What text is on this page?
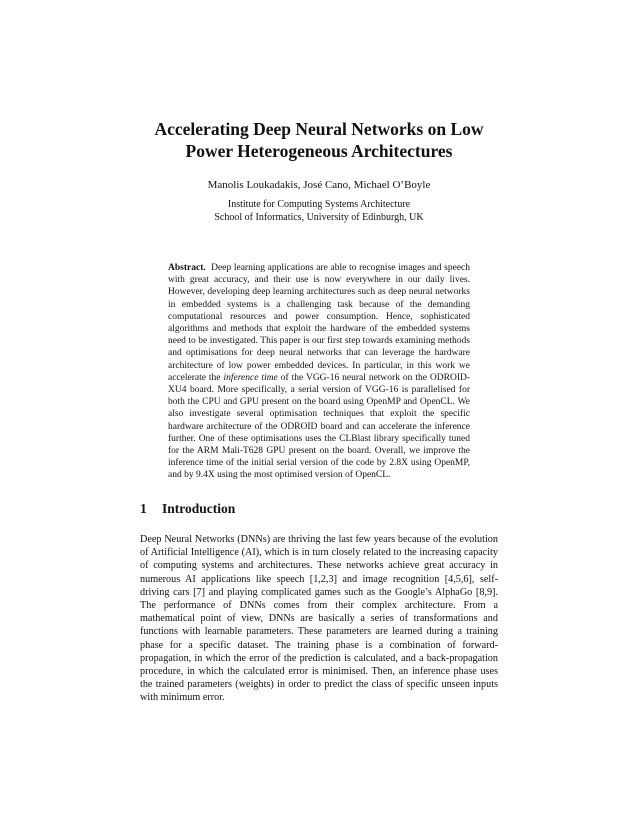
Accelerating Deep Neural Networks on Low Power Heterogeneous Architectures
Manolis Loukadakis, José Cano, Michael O’Boyle
Institute for Computing Systems Architecture
School of Informatics, University of Edinburgh, UK
Abstract. Deep learning applications are able to recognise images and speech with great accuracy, and their use is now everywhere in our daily lives. However, developing deep learning architectures such as deep neural networks in embedded systems is a challenging task because of the demanding computational resources and power consumption. Hence, sophisticated algorithms and methods that exploit the hardware of the embedded systems need to be investigated. This paper is our first step towards examining methods and optimisations for deep neural networks that can leverage the hardware architecture of low power embedded devices. In particular, in this work we accelerate the inference time of the VGG-16 neural network on the ODROID-XU4 board. More specifically, a serial version of VGG-16 is parallelised for both the CPU and GPU present on the board using OpenMP and OpenCL. We also investigate several optimisation techniques that exploit the specific hardware architecture of the ODROID board and can accelerate the inference further. One of these optimisations uses the CLBlast library specifically tuned for the ARM Mali-T628 GPU present on the board. Overall, we improve the inference time of the initial serial version of the code by 2.8X using OpenMP, and by 9.4X using the most optimised version of OpenCL.
1 Introduction
Deep Neural Networks (DNNs) are thriving the last few years because of the evolution of Artificial Intelligence (AI), which is in turn closely related to the increasing capacity of computing systems and architectures. These networks achieve great accuracy in numerous AI applications like speech [1,2,3] and image recognition [4,5,6], self-driving cars [7] and playing complicated games such as the Google’s AlphaGo [8,9]. The performance of DNNs comes from their complex architecture. From a mathematical point of view, DNNs are basically a series of transformations and functions with learnable parameters. These parameters are learned during a training phase for a specific dataset. The training phase is a combination of forward-propagation, in which the error of the prediction is calculated, and a back-propagation procedure, in which the calculated error is minimised. Then, an inference phase uses the trained parameters (weights) in order to predict the class of specific unseen inputs with minimum error.
